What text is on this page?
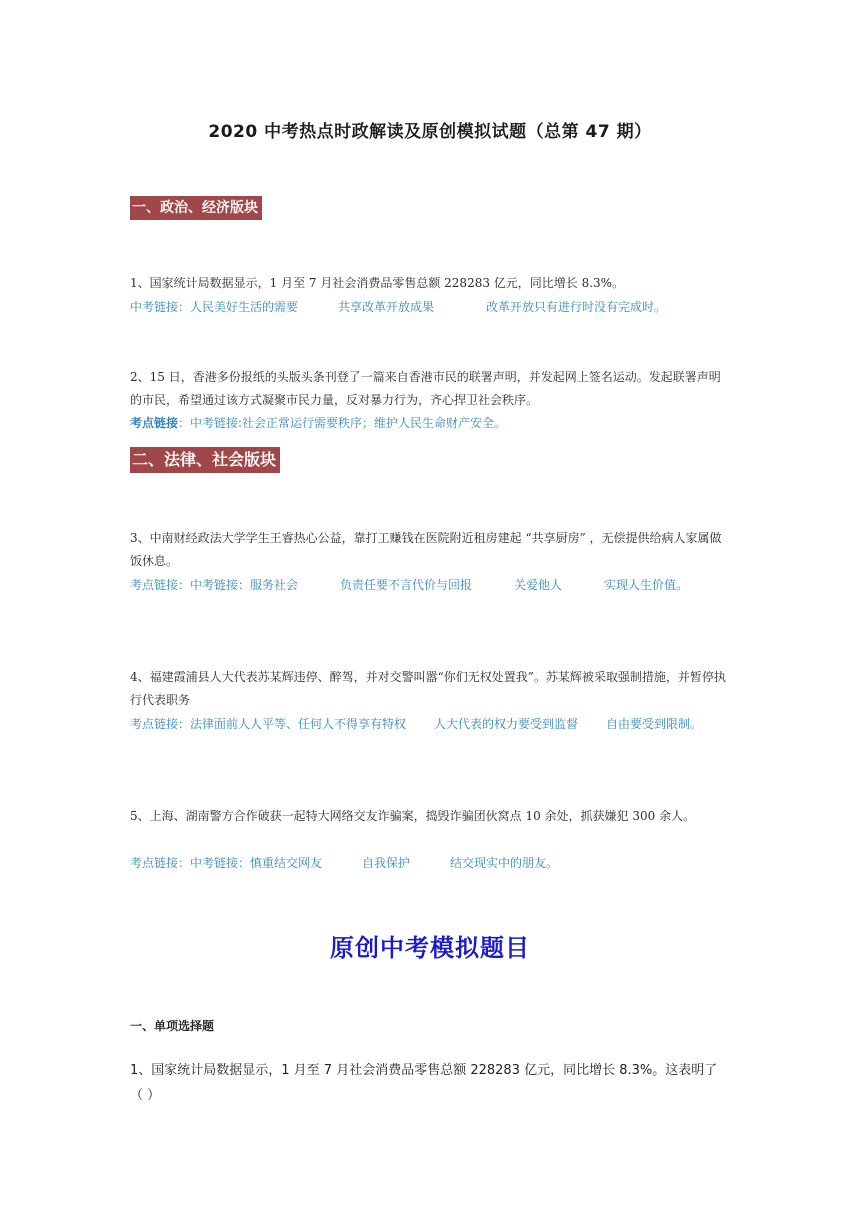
2020 中考热点时政解读及原创模拟试题（总第 47 期）
一、政治、经济版块
1、国家统计局数据显示，1 月至 7 月社会消费品零售总额 228283 亿元，同比增长 8.3%。
中考链接：人民美好生活的需要	共享改革开放成果	改革开放只有进行时没有完成时。
2、15 日，香港多份报纸的头版头条刊登了一篇来自香港市民的联署声明，并发起网上签名运动。发起联署声明的市民，希望通过该方式凝聚市民力量，反对暴力行为，齐心捍卫社会秩序。
考点链接：中考链接:社会正常运行需要秩序；维护人民生命财产安全。
二、法律、社会版块
3、中南财经政法大学学生王睿热心公益，靠打工赚钱在医院附近租房建起 “共享厨房” ，无偿提供给病人家属做饭休息。
考点链接：中考链接：服务社会	负责任要不言代价与回报	关爱他人	实现人生价值。
4、福建霞浦县人大代表苏某辉违停、醉驾，并对交警叫嚣“你们无权处置我”。苏某辉被采取强制措施，并暂停执行代表职务
考点链接：法律面前人人平等、任何人不得享有特权 人大代表的权力要受到监督 自由要受到限制。
5、上海、湖南警方合作破获一起特大网络交友诈骗案，捣毁诈骗团伙窝点 10 余处，抓获嫌犯 300 余人。
考点链接：中考链接：慎重结交网友	自我保护	结交现实中的朋友。
原创中考模拟题目
一、单项选择题
1、国家统计局数据显示，1 月至 7 月社会消费品零售总额 228283 亿元，同比增长 8.3%。这表明了（ ）
